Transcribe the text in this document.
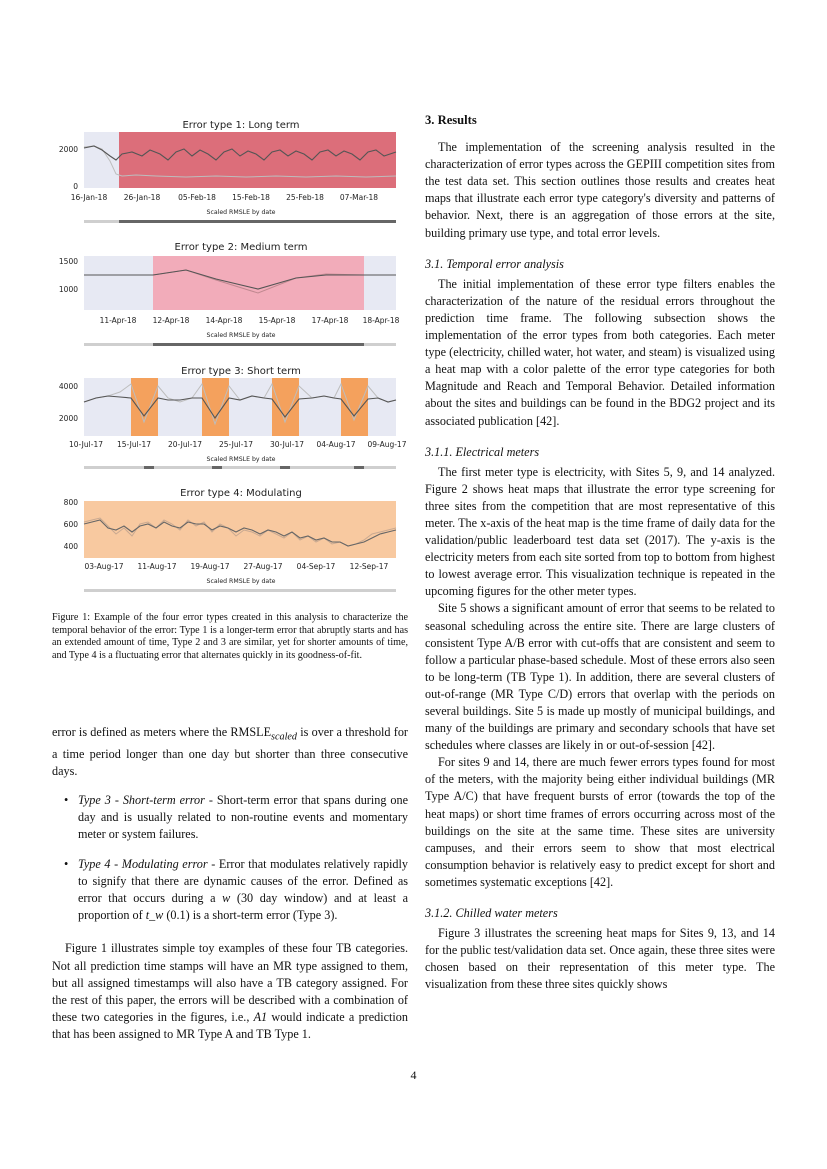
Error type 1: Long term
2000
0
16-Jan-18 26-Jan-18 05-Feb-18 15-Feb-18 25-Feb-18 07-Mar-18
Scaled RMSLE by date
Error type 2: Medium term
1500
1000
11-Apr-18 12-Apr-18 14-Apr-18 15-Apr-18 17-Apr-18 18-Apr-18
Scaled RMSLE by date
Error type 3: Short term
4000
2000
10-Jul-17 15-Jul-17 20-Jul-17 25-Jul-17 30-Jul-17 04-Aug-17 09-Aug-17
Scaled RMSLE by date
Error type 4: Modulating
800
600
400
03-Aug-17 11-Aug-17 19-Aug-17 27-Aug-17 04-Sep-17 12-Sep-17
Scaled RMSLE by date
Figure 1: Example of the four error types created in this analysis to characterize the temporal behavior of the error: Type 1 is a longer-term error that abruptly starts and has an extended amount of time, Type 2 and 3 are similar, yet for shorter amounts of time, and Type 4 is a fluctuating error that alternates quickly in its goodness-of-fit.

error is defined as meters where the $RMSLE_{scaled}$ is over a threshold for a time period longer than one day but shorter than three consecutive days.

• Type 3 - Short-term error - Short-term error that spans during one day and is usually related to non-routine events and momentary meter or system failures.
• Type 4 - Modulating error - Error that modulates relatively rapidly to signify that there are dynamic causes of the error. Defined as error that occurs during a w (30 day window) and at least a proportion of t_w (0.1) is a short-term error (Type 3).

Figure 1 illustrates simple toy examples of these four TB categories. Not all prediction time stamps will have an MR type assigned to them, but all assigned timestamps will also have a TB category assigned. For the rest of this paper, the errors will be described with a combination of these two categories in the figures, i.e., A1 would indicate a prediction that has been assigned to MR Type A and TB Type 1.

3. Results

The implementation of the screening analysis resulted in the characterization of error types across the GEPIII competition sites from the test data set. This section outlines those results and creates heat maps that illustrate each error type category's diversity and patterns of behavior. Next, there is an aggregation of those errors at the site, building primary use type, and total error levels.

3.1. Temporal error analysis

The initial implementation of these error type filters enables the characterization of the nature of the residual errors throughout the prediction time frame. The following subsection shows the implementation of the error types from both categories. Each meter type (electricity, chilled water, hot water, and steam) is visualized using a heat map with a color palette of the error type categories for both Magnitude and Reach and Temporal Behavior. Detailed information about the sites and buildings can be found in the BDG2 project and its associated publication [42].

3.1.1. Electrical meters

The first meter type is electricity, with Sites 5, 9, and 14 analyzed. Figure 2 shows heat maps that illustrate the error type screening for three sites from the competition that are most representative of this meter. The x-axis of the heat map is the time frame of daily data for the validation/public leaderboard test data set (2017). The y-axis is the electricity meters from each site sorted from top to bottom from highest to lowest average error. This visualization technique is repeated in the upcoming figures for the other meter types.

Site 5 shows a significant amount of error that seems to be related to seasonal scheduling across the entire site. There are large clusters of consistent Type A/B error with cut-offs that are consistent and seem to follow a particular phase-based schedule. Most of these errors also seen to be long-term (TB Type 1). In addition, there are several clusters of out-of-range (MR Type C/D) errors that overlap with the periods on several buildings. Site 5 is made up mostly of municipal buildings, and many of the buildings are primary and secondary schools that have set schedules where classes are likely in or out-of-session [42].

For sites 9 and 14, there are much fewer errors types found for most of the meters, with the majority being either individual buildings (MR Type A/C) that have frequent bursts of error (towards the top of the heat maps) or short time frames of errors occurring across most of the buildings on the site at the same time. These sites are university campuses, and their errors seem to show that most electrical consumption behavior is relatively easy to predict except for short and sometimes systematic exceptions [42].

3.1.2. Chilled water meters

Figure 3 illustrates the screening heat maps for Sites 9, 13, and 14 for the public test/validation data set. Once again, these three sites were chosen based on their representation of this meter type. The visualization from these three sites quickly shows

4
